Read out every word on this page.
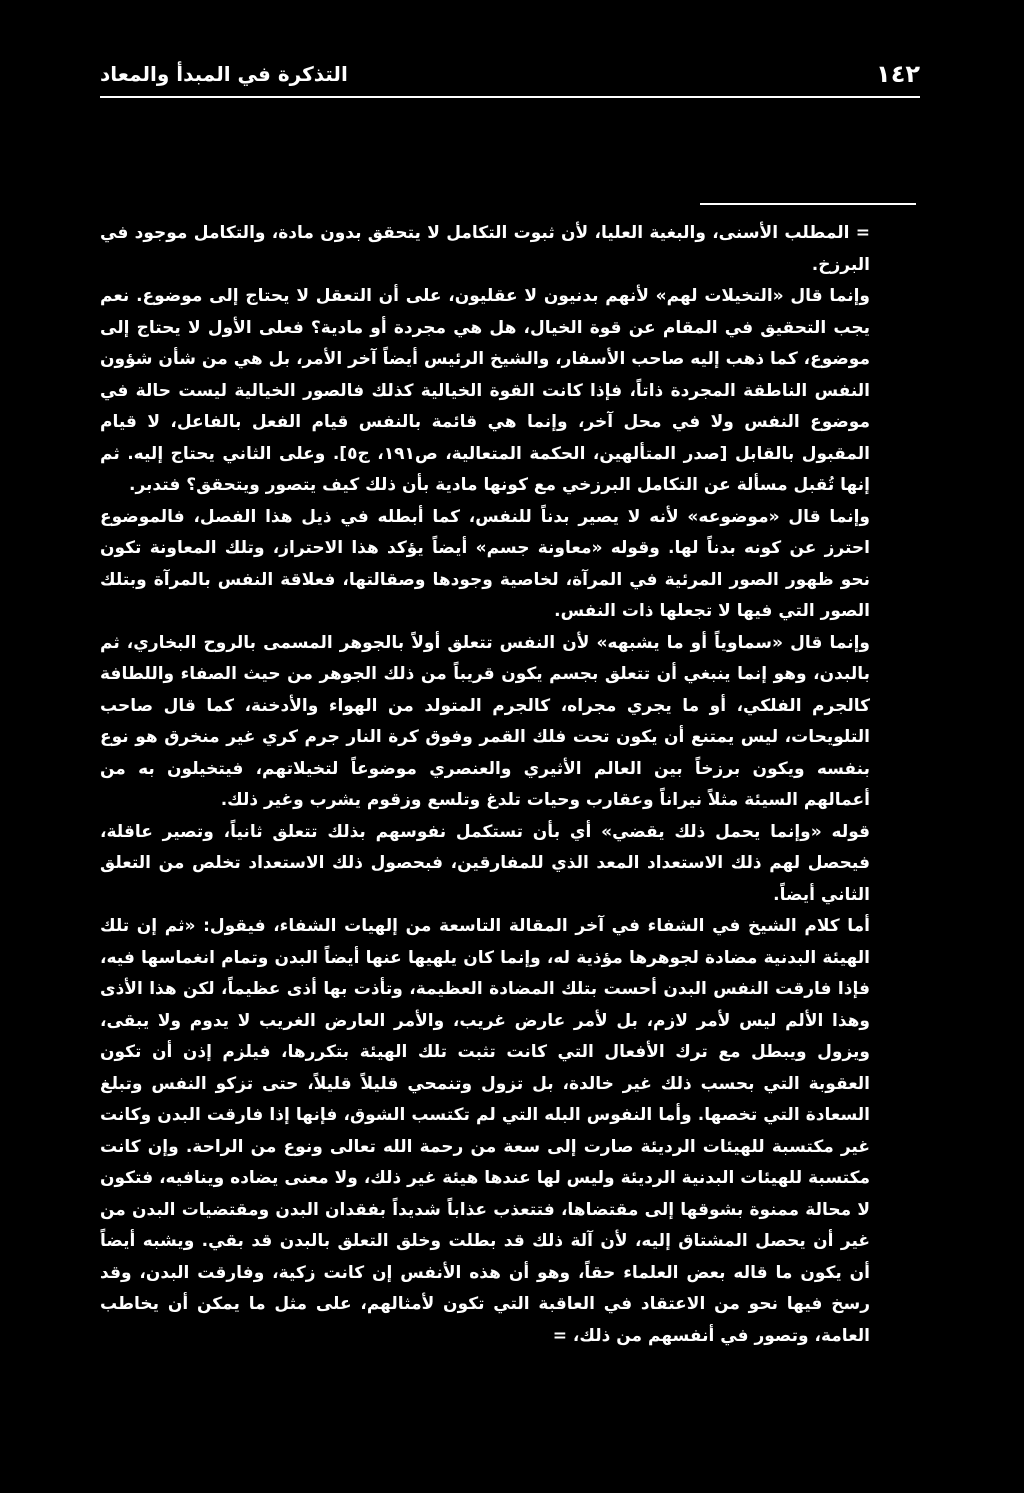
١٤٢
التذكرة في المبدأ والمعاد

= المطلب الأسنى، والبغية العليا، لأن ثبوت التكامل لا يتحقق بدون مادة، والتكامل موجود في البرزخ.

وإنما قال «التخيلات لهم» لأنهم بدنيون لا عقليون، على أن التعقل لا يحتاج إلى موضوع. نعم يجب التحقيق في المقام عن قوة الخيال، هل هي مجردة أو مادية؟ فعلى الأول لا يحتاج إلى موضوع، كما ذهب إليه صاحب الأسفار، والشيخ الرئيس أيضاً آخر الأمر، بل هي من شأن شؤون النفس الناطقة المجردة ذاتاً، فإذا كانت القوة الخيالية كذلك فالصور الخيالية ليست حالة في موضوع النفس ولا في محل آخر، وإنما هي قائمة بالنفس قيام الفعل بالفاعل، لا قيام المقبول بالقابل [صدر المتألهين، الحكمة المتعالية، ص١٩١، ج٥]. وعلى الثاني يحتاج إليه. ثم إنها تُقبل مسألة عن التكامل البرزخي مع كونها مادية بأن ذلك كيف يتصور ويتحقق؟ فتدبر.

وإنما قال «موضوعه» لأنه لا يصير بدناً للنفس، كما أبطله في ذيل هذا الفصل، فالموضوع احترز عن كونه بدناً لها. وقوله «معاونة جسم» أيضاً يؤكد هذا الاحتراز، وتلك المعاونة تكون نحو ظهور الصور المرئية في المرآة، لخاصية وجودها وصقالتها، فعلاقة النفس بالمرآة وبتلك الصور التي فيها لا تجعلها ذات النفس.

وإنما قال «سماوياً أو ما يشبهه» لأن النفس تتعلق أولاً بالجوهر المسمى بالروح البخاري، ثم بالبدن، وهو إنما ينبغي أن تتعلق بجسم يكون قريباً من ذلك الجوهر من حيث الصفاء واللطافة كالجرم الفلكي، أو ما يجري مجراه، كالجرم المتولد من الهواء والأدخنة، كما قال صاحب التلويحات، ليس يمتنع أن يكون تحت فلك القمر وفوق كرة النار جرم كري غير منخرق هو نوع بنفسه ويكون برزخاً بين العالم الأثيري والعنصري موضوعاً لتخيلاتهم، فيتخيلون به من أعمالهم السيئة مثلاً نيراناً وعقارب وحيات تلدغ وتلسع وزقوم يشرب وغير ذلك.

قوله «وإنما يحمل ذلك يقضي» أي بأن تستكمل نفوسهم بذلك تتعلق ثانياً، وتصير عاقلة، فيحصل لهم ذلك الاستعداد المعد الذي للمفارقين، فبحصول ذلك الاستعداد تخلص من التعلق الثاني أيضاً.

أما كلام الشيخ في الشفاء في آخر المقالة التاسعة من إلهيات الشفاء، فيقول: «ثم إن تلك الهيئة البدنية مضادة لجوهرها مؤذية له، وإنما كان يلهيها عنها أيضاً البدن وتمام انغماسها فيه، فإذا فارقت النفس البدن أحست بتلك المضادة العظيمة، وتأذت بها أذى عظيماً، لكن هذا الأذى وهذا الألم ليس لأمر لازم، بل لأمر عارض غريب، والأمر العارض الغريب لا يدوم ولا يبقى، ويزول ويبطل مع ترك الأفعال التي كانت تثبت تلك الهيئة بتكررها، فيلزم إذن أن تكون العقوبة التي بحسب ذلك غير خالدة، بل تزول وتنمحي قليلاً قليلاً، حتى تزكو النفس وتبلغ السعادة التي تخصها. وأما النفوس البله التي لم تكتسب الشوق، فإنها إذا فارقت البدن وكانت غير مكتسبة للهيئات الرديئة صارت إلى سعة من رحمة الله تعالى ونوع من الراحة. وإن كانت مكتسبة للهيئات البدنية الرديئة وليس لها عندها هيئة غير ذلك، ولا معنى يضاده وينافيه، فتكون لا محالة ممنوة بشوقها إلى مقتضاها، فتتعذب عذاباً شديداً بفقدان البدن ومقتضيات البدن من غير أن يحصل المشتاق إليه، لأن آلة ذلك قد بطلت وخلق التعلق بالبدن قد بقي. ويشبه أيضاً أن يكون ما قاله بعض العلماء حقاً، وهو أن هذه الأنفس إن كانت زكية، وفارقت البدن، وقد رسخ فيها نحو من الاعتقاد في العاقبة التي تكون لأمثالهم، على مثل ما يمكن أن يخاطب العامة، وتصور في أنفسهم من ذلك، =
